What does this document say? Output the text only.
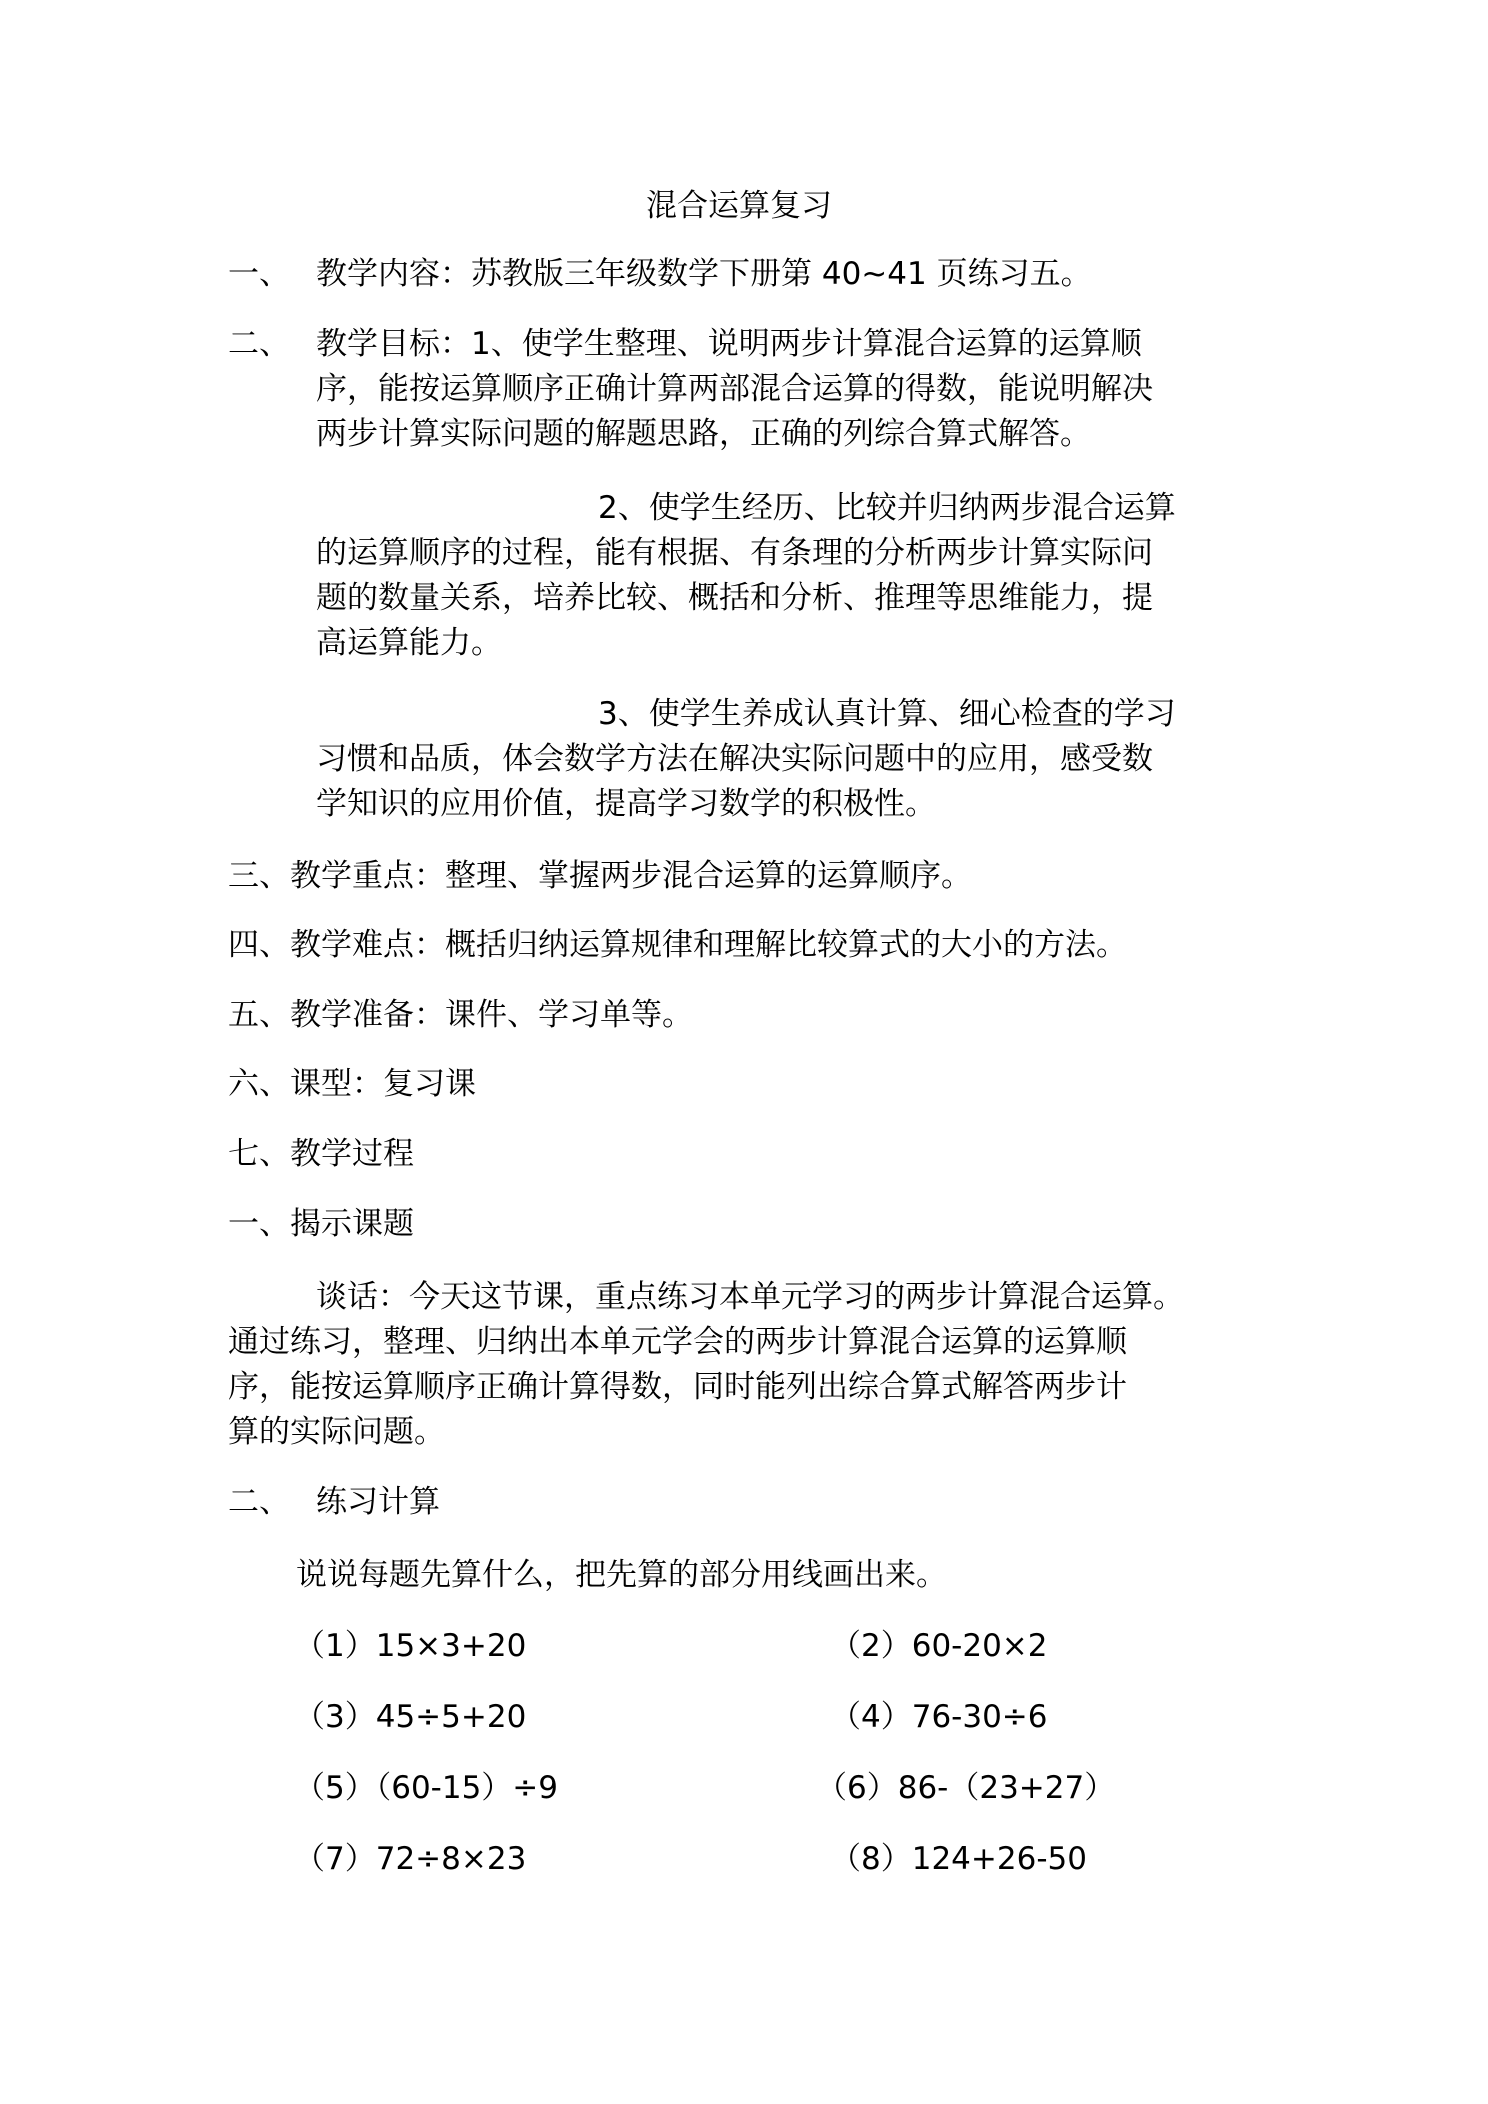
混合运算复习
一、 教学内容：苏教版三年级数学下册第 40~41 页练习五。
二、 教学目标：1、使学生整理、说明两步计算混合运算的运算顺
序，能按运算顺序正确计算两部混合运算的得数，能说明解决
两步计算实际问题的解题思路，正确的列综合算式解答。
2、使学生经历、比较并归纳两步混合运算
的运算顺序的过程，能有根据、有条理的分析两步计算实际问
题的数量关系，培养比较、概括和分析、推理等思维能力，提
高运算能力。
3、使学生养成认真计算、细心检查的学习
习惯和品质，体会数学方法在解决实际问题中的应用，感受数
学知识的应用价值，提高学习数学的积极性。
三、教学重点：整理、掌握两步混合运算的运算顺序。
四、教学难点：概括归纳运算规律和理解比较算式的大小的方法。
五、教学准备：课件、学习单等。
六、课型：复习课
七、教学过程
一、揭示课题
谈话：今天这节课，重点练习本单元学习的两步计算混合运算。
通过练习，整理、归纳出本单元学会的两步计算混合运算的运算顺
序，能按运算顺序正确计算得数，同时能列出综合算式解答两步计
算的实际问题。
二、 练习计算
说说每题先算什么，把先算的部分用线画出来。
（1）15×3+20	（2）60-20×2
（3）45÷5+20	（4）76-30÷6
（5）（60-15）÷9	（6）86-（23+27）
（7）72÷8×23	（8）124+26-50
